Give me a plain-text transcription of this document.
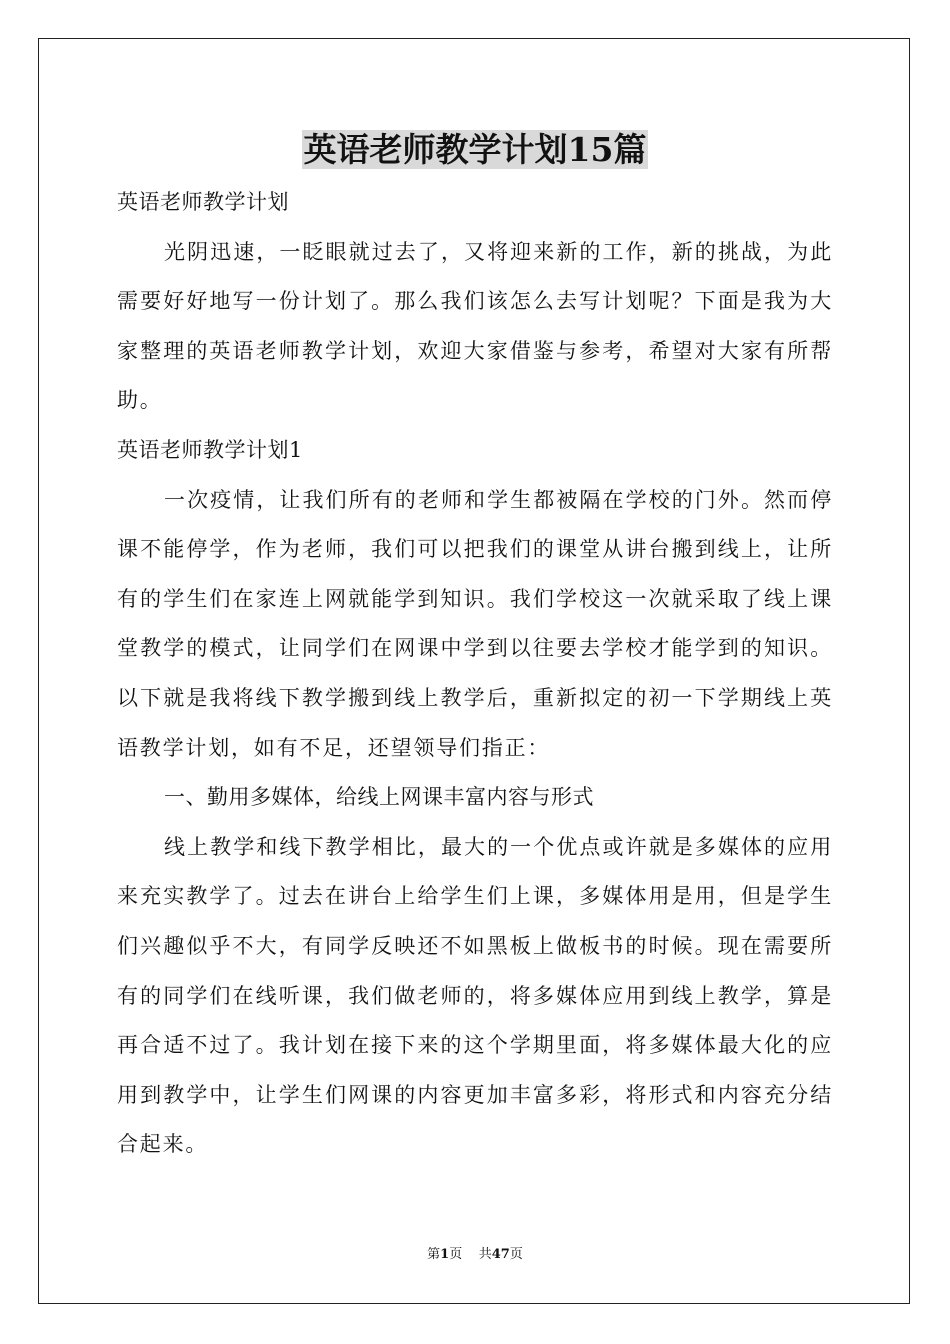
英语老师教学计划15篇

英语老师教学计划

光阴迅速，一眨眼就过去了，又将迎来新的工作，新的挑战，为此需要好好地写一份计划了。那么我们该怎么去写计划呢？下面是我为大家整理的英语老师教学计划，欢迎大家借鉴与参考，希望对大家有所帮助。

英语老师教学计划1

一次疫情，让我们所有的老师和学生都被隔在学校的门外。然而停课不能停学，作为老师，我们可以把我们的课堂从讲台搬到线上，让所有的学生们在家连上网就能学到知识。我们学校这一次就采取了线上课堂教学的模式，让同学们在网课中学到以往要去学校才能学到的知识。以下就是我将线下教学搬到线上教学后，重新拟定的初一下学期线上英语教学计划，如有不足，还望领导们指正：

一、勤用多媒体，给线上网课丰富内容与形式

线上教学和线下教学相比，最大的一个优点或许就是多媒体的应用来充实教学了。过去在讲台上给学生们上课，多媒体用是用，但是学生们兴趣似乎不大，有同学反映还不如黑板上做板书的时候。现在需要所有的同学们在线听课，我们做老师的，将多媒体应用到线上教学，算是再合适不过了。我计划在接下来的这个学期里面，将多媒体最大化的应用到教学中，让学生们网课的内容更加丰富多彩，将形式和内容充分结合起来。

第1页 共47页
